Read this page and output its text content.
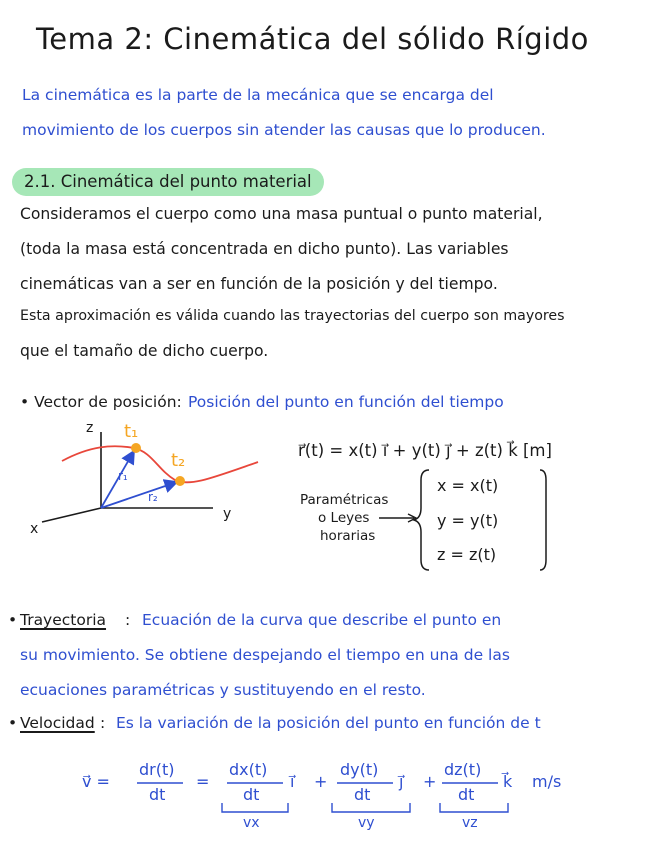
Tema 2: Cinemática del sólido Rígido
La cinemática es la parte de la mecánica que se encarga del
movimiento de los cuerpos sin atender las causas que lo producen.
2.1. Cinemática del punto material
Consideramos el cuerpo como una masa puntual o punto material,
(toda la masa está concentrada en dicho punto). Las variables
cinemáticas van a ser en función de la posición y del tiempo.
Esta aproximación es válida cuando las trayectorias del cuerpo son mayores
que el tamaño de dicho cuerpo.
• Vector de posición: Posición del punto en función del tiempo
z
y
x
t₁
t₂
r₁
r₂
r⃗(t) = x(t) i⃗ + y(t) j⃗ + z(t) k⃗ [m]
Paramétricas
o Leyes
horarias
x = x(t)
y = y(t)
z = z(t)
• Trayectoria : Ecuación de la curva que describe el punto en
su movimiento. Se obtiene despejando el tiempo en una de las
ecuaciones paramétricas y sustituyendo en el resto.
• Velocidad : Es la variación de la posición del punto en función de t
v⃗ =
dr(t)
dt
=
dx(t)
dt
i⃗ +
dy(t)
dt
j⃗ +
dz(t)
dt
k⃗ m/s
vx	vy	vz
